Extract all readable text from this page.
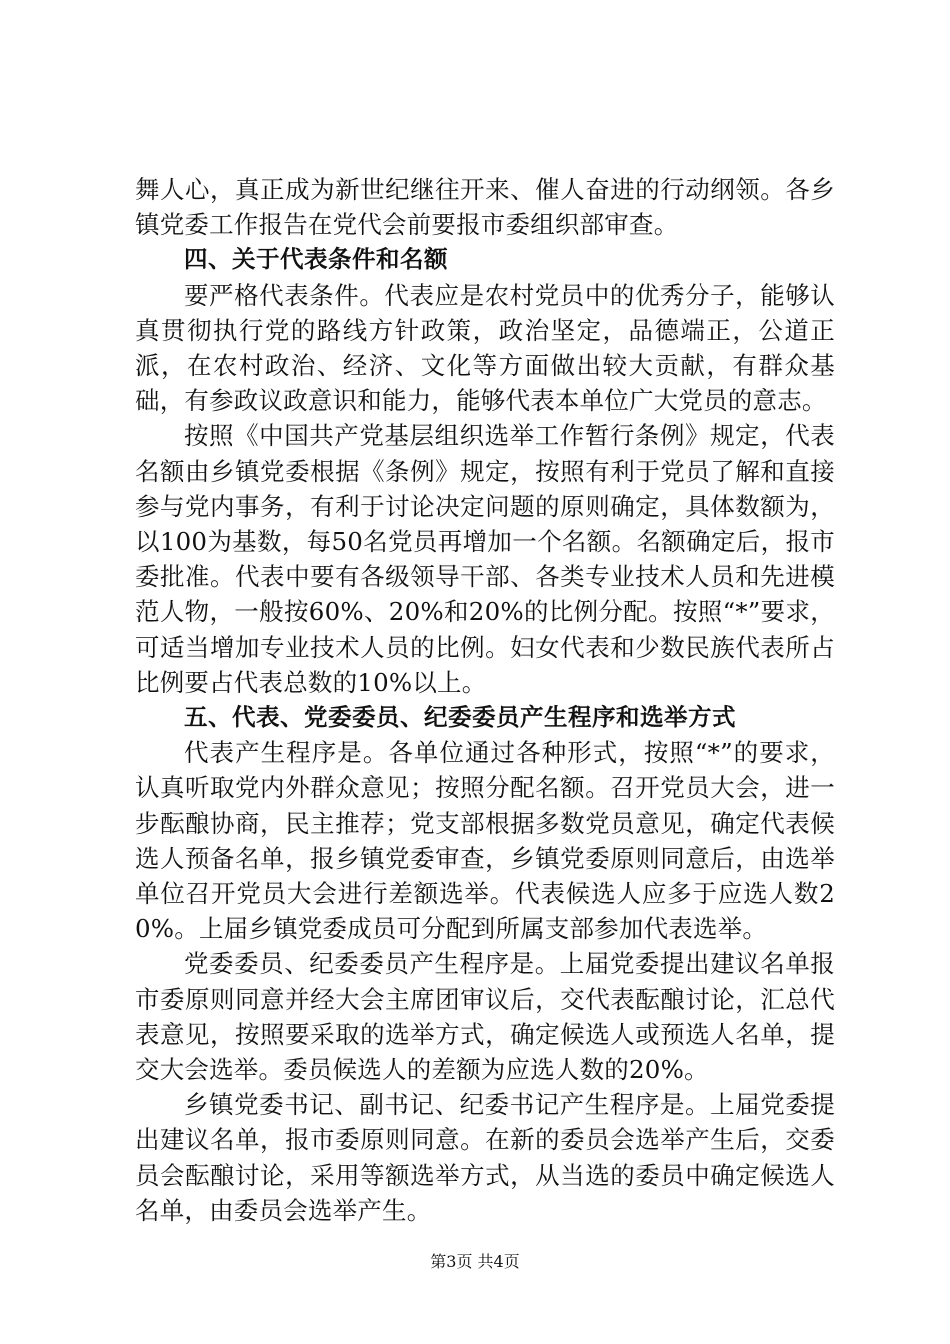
舞人心，真正成为新世纪继往开来、催人奋进的行动纲领。各乡镇党委工作报告在党代会前要报市委组织部审查。

四、关于代表条件和名额

要严格代表条件。代表应是农村党员中的优秀分子，能够认真贯彻执行党的路线方针政策，政治坚定，品德端正，公道正派，在农村政治、经济、文化等方面做出较大贡献，有群众基础，有参政议政意识和能力，能够代表本单位广大党员的意志。

按照《中国共产党基层组织选举工作暂行条例》规定，代表名额由乡镇党委根据《条例》规定，按照有利于党员了解和直接参与党内事务，有利于讨论决定问题的原则确定，具体数额为，以100为基数，每50名党员再增加一个名额。名额确定后，报市委批准。代表中要有各级领导干部、各类专业技术人员和先进模范人物，一般按60%、20%和20%的比例分配。按照“*”要求，可适当增加专业技术人员的比例。妇女代表和少数民族代表所占比例要占代表总数的10%以上。

五、代表、党委委员、纪委委员产生程序和选举方式

代表产生程序是。各单位通过各种形式，按照“*”的要求，认真听取党内外群众意见；按照分配名额。召开党员大会，进一步酝酿协商，民主推荐；党支部根据多数党员意见，确定代表候选人预备名单，报乡镇党委审查，乡镇党委原则同意后，由选举单位召开党员大会进行差额选举。代表候选人应多于应选人数20%。上届乡镇党委成员可分配到所属支部参加代表选举。

党委委员、纪委委员产生程序是。上届党委提出建议名单报市委原则同意并经大会主席团审议后，交代表酝酿讨论，汇总代表意见，按照要采取的选举方式，确定候选人或预选人名单，提交大会选举。委员候选人的差额为应选人数的20%。

乡镇党委书记、副书记、纪委书记产生程序是。上届党委提出建议名单，报市委原则同意。在新的委员会选举产生后，交委员会酝酿讨论，采用等额选举方式，从当选的委员中确定候选人名单，由委员会选举产生。

第3页 共4页
